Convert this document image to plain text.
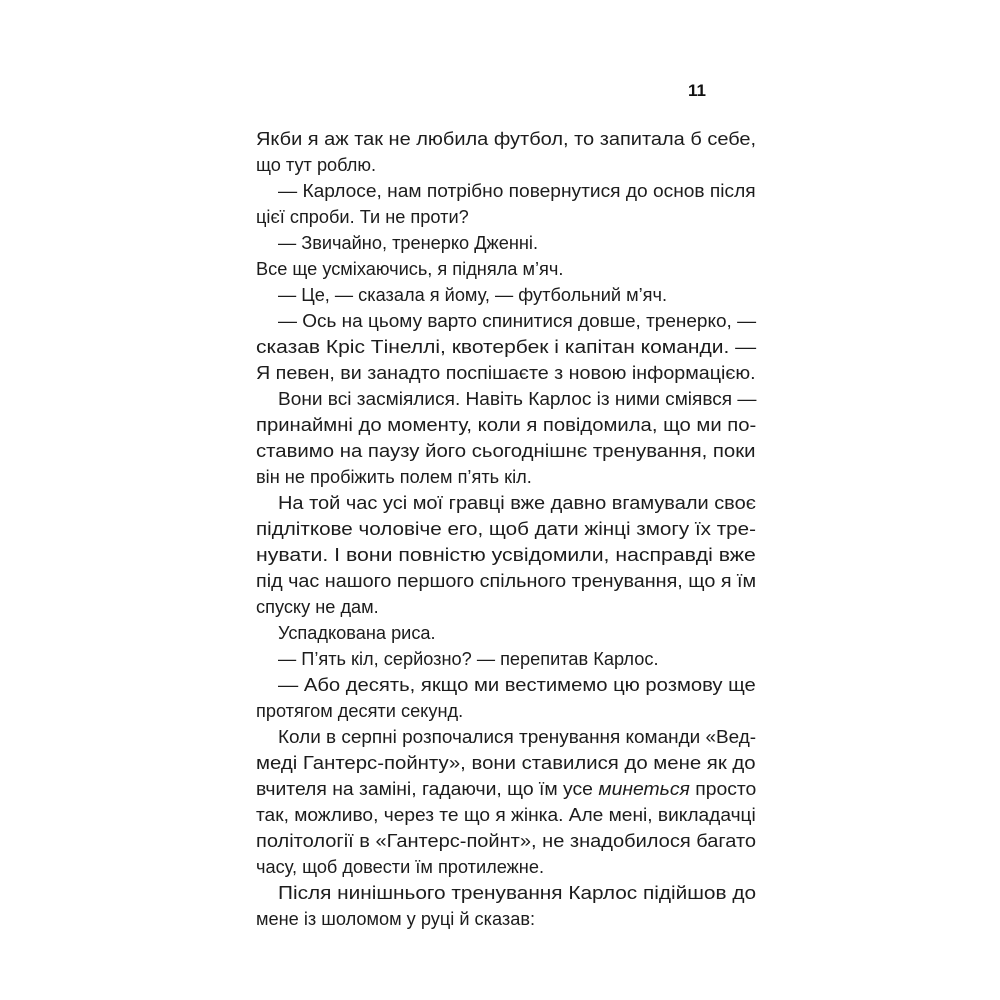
11
Якби я аж так не любила футбол, то запитала б себе,
що тут роблю.
— Карлосе, нам потрібно повернутися до основ після
цієї спроби. Ти не проти?
— Звичайно, тренерко Дженні.
Все ще усміхаючись, я підняла м’яч.
— Це, — сказала я йому, — футбольний м’яч.
— Ось на цьому варто спинитися довше, тренерко, —
сказав Кріс Тінеллі, квотербек і капітан команди. —
Я певен, ви занадто поспішаєте з новою інформацією.
Вони всі засміялися. Навіть Карлос із ними сміявся —
принаймні до моменту, коли я повідомила, що ми по-
ставимо на паузу його сьогоднішнє тренування, поки
він не пробіжить полем п’ять кіл.
На той час усі мої гравці вже давно вгамували своє
підліткове чоловіче его, щоб дати жінці змогу їх тре-
нувати. І вони повністю усвідомили, насправді вже
під час нашого першого спільного тренування, що я їм
спуску не дам.
Успадкована риса.
— П’ять кіл, серйозно? — перепитав Карлос.
— Або десять, якщо ми вестимемо цю розмову ще
протягом десяти секунд.
Коли в серпні розпочалися тренування команди «Вед-
меді Гантерс-пойнту», вони ставилися до мене як до
вчителя на заміні, гадаючи, що їм усе минеться просто
так, можливо, через те що я жінка. Але мені, викладачці
політології в «Гантерс-пойнт», не знадобилося багато
часу, щоб довести їм протилежне.
Після нинішнього тренування Карлос підійшов до
мене із шоломом у руці й сказав:
